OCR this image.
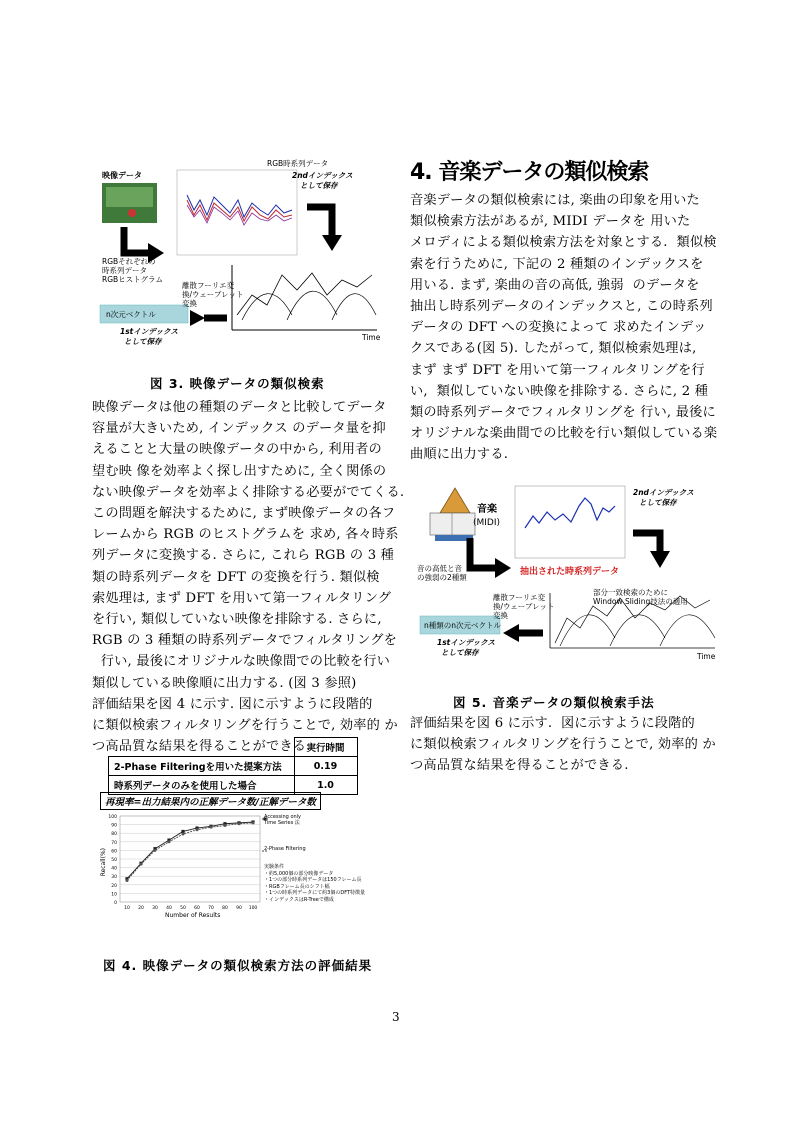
映像データ
RGB時系列データ
2ndインデックス
として保存
RGBそれぞれの
時系列データ
RGBヒストグラム
離散フーリエ変
換/ウェーブレット
変換
n次元ベクトル
1stインデックス
として保存	Time
図 3. 映像データの類似検索
映像データは他の種類のデータと比較してデータ
容量が大きいため, インデックス のデータ量を抑
えることと大量の映像データの中から, 利用者の
望む映 像を効率よく探し出すために, 全く関係の
ない映像データを効率よく排除する必要がでてくる.
この問題を解決するために, まず映像データの各フ
レームから RGB のヒストグラムを 求め, 各々時系
列データに変換する. さらに, これら RGB の 3 種
類の時系列データを DFT の変換を行う. 類似検
索処理は, まず DFT を用いて第一フィルタリング
を行い, 類似していない映像を排除する. さらに,
RGB の 3 種類の時系列データでフィルタリングを
行い, 最後にオリジナルな映像間での比較を行い
類似している映像順に出力する. (図 3 参照)
評価結果を図 4 に示す. 図に示すように段階的
に類似検索フィルタリングを行うことで, 効率的 か
つ高品質な結果を得ることができる.
	実行時間
2-Phase Filteringを用いた提案方法	0.19
時系列データのみを使用した場合	1.0
再現率=出力結果内の正解データ数/正解データ数
0
10
20
30
40
50
60
70
80
90
100
10 20 30 40 50 60 70 80 90 100
Recall(%)
Number of Results
Accessing only Time Series 法
2-Phase Filtering
実験条件
・約5,000個の部分映像データ
・1つの部分時系列データは150フレーム長
・RGBフレーム長のシフト幅
・1つの時系列データにて約3個のDFT特徴量
・インデックスはR-Treeで構成
図 4. 映像データの類似検索方法の評価結果
4. 音楽データの類似検索
音楽データの類似検索には, 楽曲の印象を用いた
類似検索方法があるが, MIDI データを 用いた
メロディによる類似検索方法を対象とする.  類似検
索を行うために, 下記の 2 種類のインデックスを
用いる. まず, 楽曲の音の高低, 強弱  のデータを
抽出し時系列データのインデックスと, この時系列
データの DFT への変換によって 求めたインデッ
クスである(図 5). したがって, 類似検索処理は,
まず まず DFT を用いて第一フィルタリングを行
い,  類似していない映像を排除する. さらに, 2 種
類の時系列データでフィルタリングを 行い, 最後に
オリジナルな楽曲間での比較を行い類似している楽
曲順に出力する.
音楽
(MIDI)
2ndインデックス
として保存
音の高低と音
の強弱の2種類
抽出された時系列データ
離散フーリエ変
換/ウェーブレット
変換
部分一致検索のために
Window Sliding技法の適用
n種類のn次元ベクトル
1stインデックス
として保存	Time
図 5. 音楽データの類似検索手法
評価結果を図 6 に示す.  図に示すように段階的
に類似検索フィルタリングを行うことで, 効率的 か
つ高品質な結果を得ることができる.
3
